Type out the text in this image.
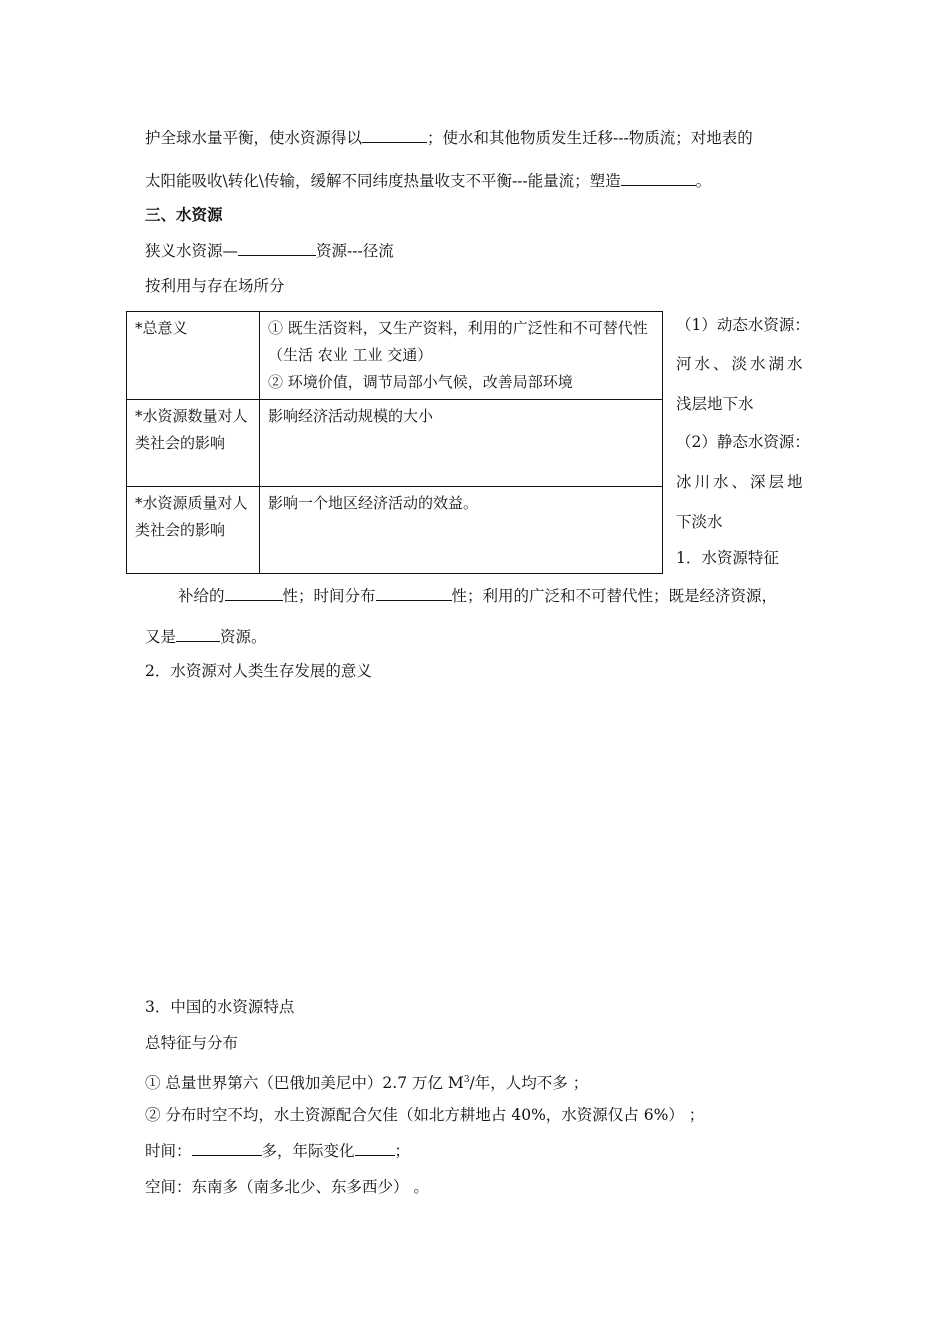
护全球水量平衡，使水资源得以	；使水和其他物质发生迁移---物质流；对地表的
太阳能吸收\转化\传输，缓解不同纬度热量收支不平衡---能量流；塑造	。
三、水资源
狭义水资源—	资源---径流
按利用与存在场所分
*总意义	① 既生活资料，又生产资料，利用的广泛性和不可替代性（生活 农业 工业 交通）
② 环境价值，调节局部小气候，改善局部环境

*水资源数量对人类社会的影响	影响经济活动规模的大小
*水资源质量对人类社会的影响	影响一个地区经济活动的效益。
（1）动态水资源：
河水、淡水湖水
浅层地下水
（2）静态水资源：
冰川水、深层地
下淡水
1．水资源特征
补给的	性；时间分布	性；利用的广泛和不可替代性；既是经济资源，
又是	资源。
2．水资源对人类生存发展的意义
3．中国的水资源特点
总特征与分布
① 总量世界第六（巴俄加美尼中）2.7 万亿 $M^3/$年，人均不多 ；
② 分布时空不均，水土资源配合欠佳（如北方耕地占 40%，水资源仅占 6%） ；
时间：	多，年际变化	；
空间：东南多（南多北少、东多西少） 。
